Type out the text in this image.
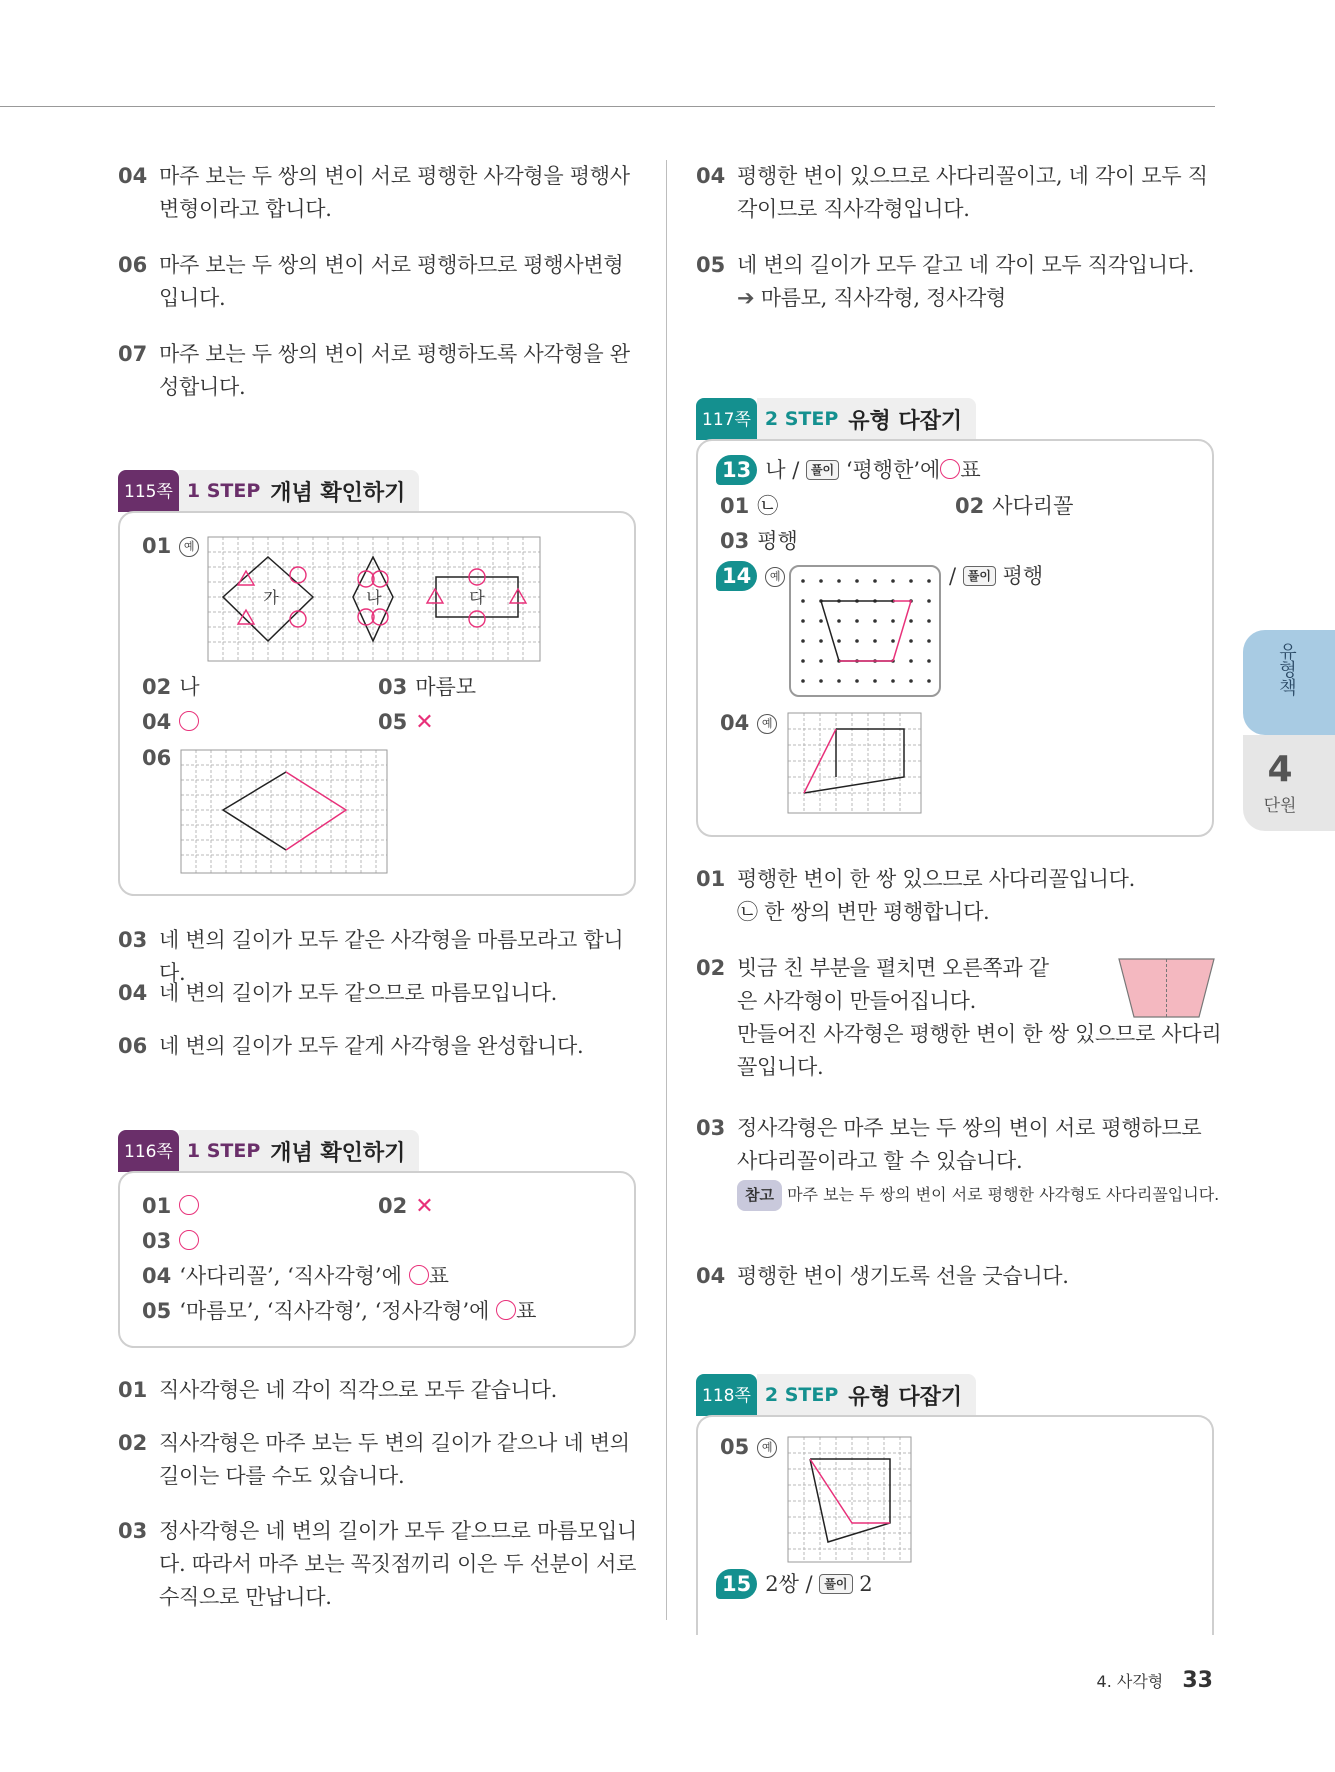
04 마주 보는 두 쌍의 변이 서로 평행한 사각형을 평행사변형이라고 합니다.
06 마주 보는 두 쌍의 변이 서로 평행하므로 평행사변형입니다.
07 마주 보는 두 쌍의 변이 서로 평행하도록 사각형을 완성합니다.
115쪽 1 STEP 개념 확인하기
01 예
가	나	다
02 나	03 마름모
04	05 ✕
06
03 네 변의 길이가 모두 같은 사각형을 마름모라고 합니다.
04 네 변의 길이가 모두 같으므로 마름모입니다.
06 네 변의 길이가 모두 같게 사각형을 완성합니다.
116쪽 1 STEP 개념 확인하기
01	02 ✕
03
04 ‘사다리꼴’, ‘직사각형’에 ○표
05 ‘마름모’, ‘직사각형’, ‘정사각형’에 ○표
01 직사각형은 네 각이 직각으로 모두 같습니다.
02 직사각형은 마주 보는 두 변의 길이가 같으나 네 변의 길이는 다를 수도 있습니다.
03 정사각형은 네 변의 길이가 모두 같으므로 마름모입니다. 따라서 마주 보는 꼭짓점끼리 이은 두 선분이 서로 수직으로 만납니다.
04 평행한 변이 있으므로 사다리꼴이고, 네 각이 모두 직각이므로 직사각형입니다.
05 네 변의 길이가 모두 같고 네 각이 모두 직각입니다.
➔ 마름모, 직사각형, 정사각형
117쪽 2 STEP 유형 다잡기
13 나 / 풀이 ‘평행한’에○표
01 ㉡	02 사다리꼴
03 평행
14 예	/ 풀이 평행
04 예
01 평행한 변이 한 쌍 있으므로 사다리꼴입니다.
㉡ 한 쌍의 변만 평행합니다.
02 빗금 친 부분을 펼치면 오른쪽과 같은 사각형이 만들어집니다.
만들어진 사각형은 평행한 변이 한 쌍 있으므로 사다리꼴입니다.
03 정사각형은 마주 보는 두 쌍의 변이 서로 평행하므로 사다리꼴이라고 할 수 있습니다.
참고 마주 보는 두 쌍의 변이 서로 평행한 사각형도 사다리꼴입니다.
04 평행한 변이 생기도록 선을 긋습니다.
118쪽 2 STEP 유형 다잡기
05 예
15 2쌍 / 풀이 2
유형책
4
단원
4. 사각형 33
